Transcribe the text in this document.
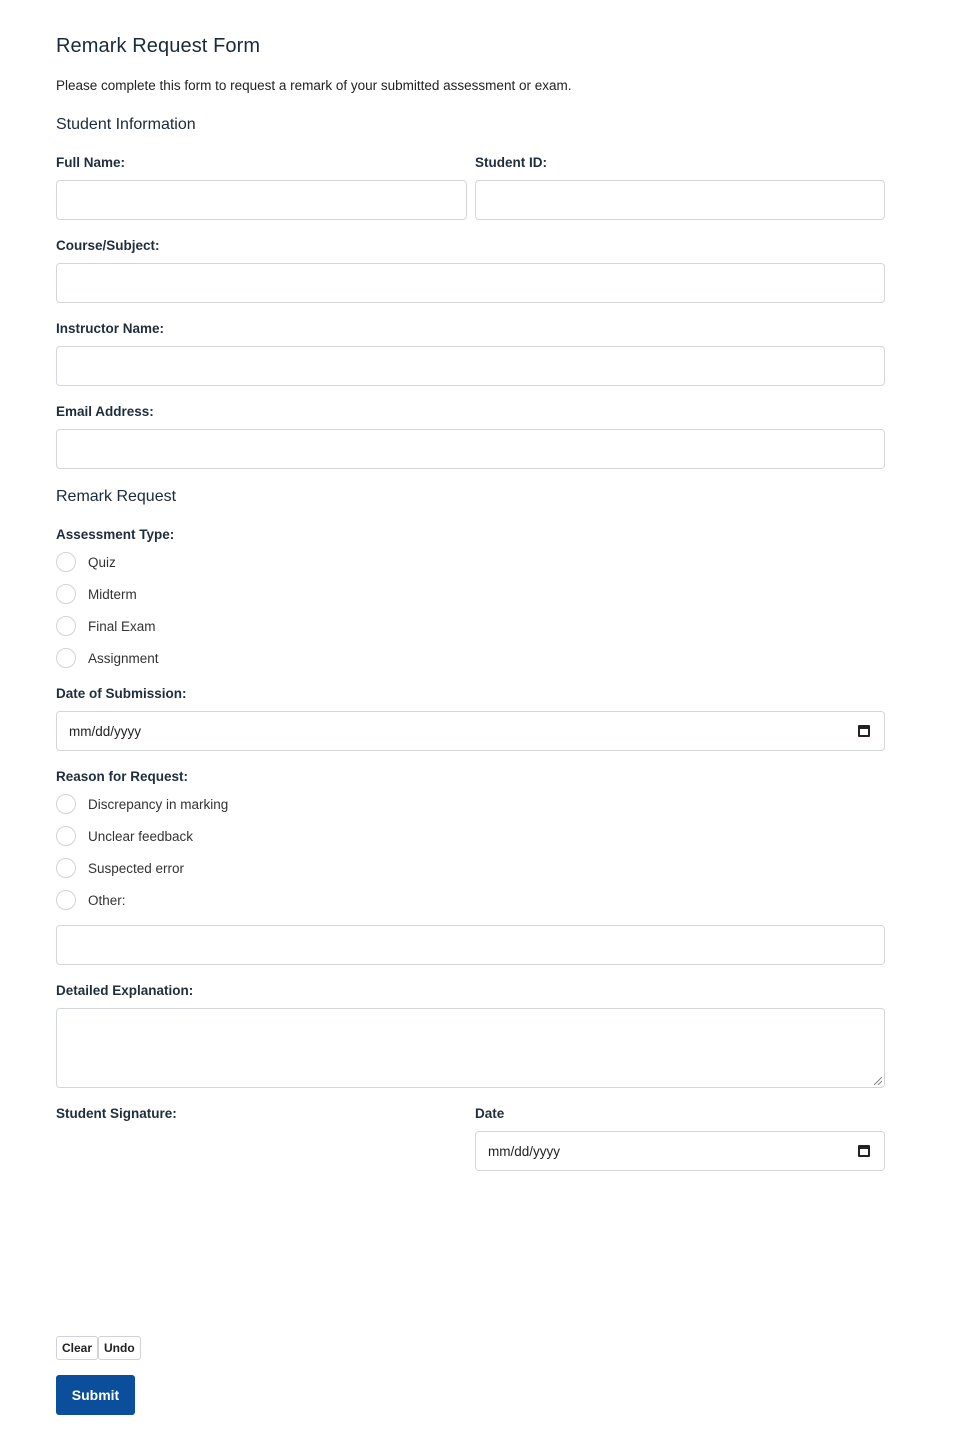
Remark Request Form
Please complete this form to request a remark of your submitted assessment or exam.
Student Information
Full Name:	Student ID:
Course/Subject:
Instructor Name:
Email Address:
Remark Request
Assessment Type:
Quiz
Midterm
Final Exam
Assignment
Date of Submission:
mm/dd/yyyy
Reason for Request:
Discrepancy in marking
Unclear feedback
Suspected error
Other:
Detailed Explanation:
Student Signature:	Date
mm/dd/yyyy
Clear Undo
Submit
